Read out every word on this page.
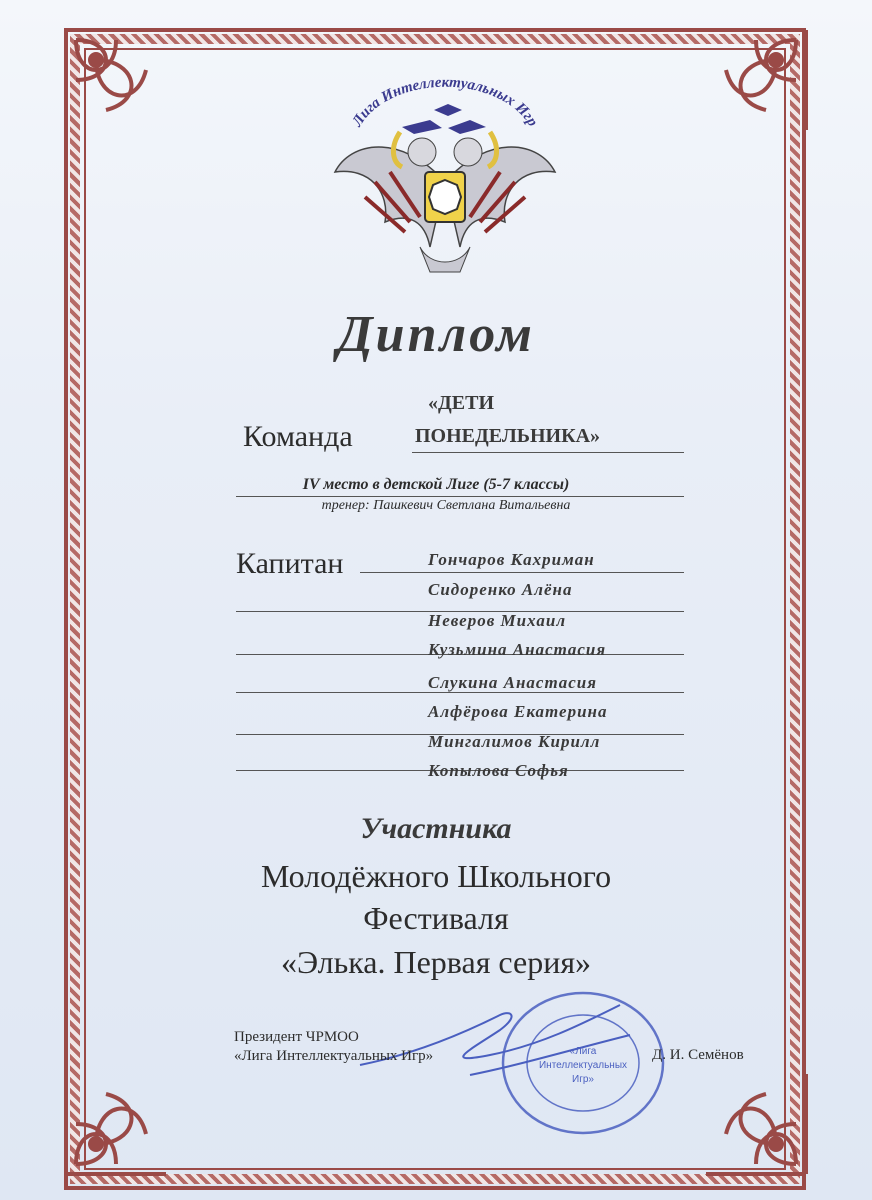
Лига Интеллектуальных Игр
Диплом
Команда
«ДЕТИ
ПОНЕДЕЛЬНИКА»
IV место в детской Лиге (5-7 классы)
тренер: Пашкевич Светлана Витальевна
Капитан	Гончаров Кахриман
Сидоренко Алёна
Неверов Михаил
Кузьмина Анастасия
Слукина Анастасия
Алфёрова Екатерина
Мингалимов Кирилл
Копылова Софья
Участника
Молодёжного Школьного
Фестиваля
«Элька. Первая серия»
«Лига
Интеллектуальных
Игр»
Президент ЧРМОО
«Лига Интеллектуальных Игр»	Д. И. Семёнов
